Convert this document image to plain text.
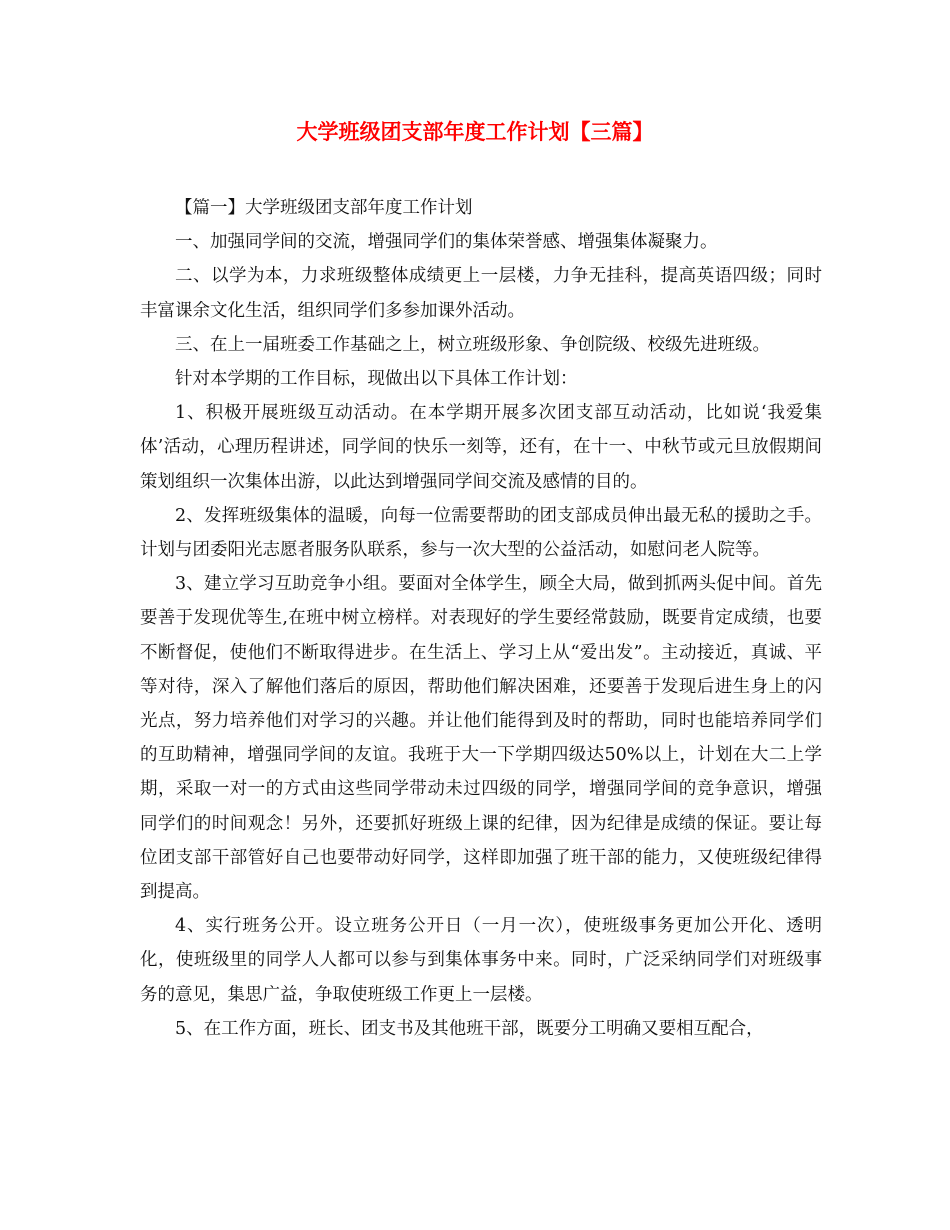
大学班级团支部年度工作计划【三篇】

【篇一】大学班级团支部年度工作计划

一、加强同学间的交流，增强同学们的集体荣誉感、增强集体凝聚力。

二、以学为本，力求班级整体成绩更上一层楼，力争无挂科，提高英语四级；同时丰富课余文化生活，组织同学们多参加课外活动。

三、在上一届班委工作基础之上，树立班级形象、争创院级、校级先进班级。

针对本学期的工作目标，现做出以下具体工作计划：

1、积极开展班级互动活动。在本学期开展多次团支部互动活动，比如说‘我爱集体’活动，心理历程讲述，同学间的快乐一刻等，还有，在十一、中秋节或元旦放假期间策划组织一次集体出游，以此达到增强同学间交流及感情的目的。

2、发挥班级集体的温暖，向每一位需要帮助的团支部成员伸出最无私的援助之手。计划与团委阳光志愿者服务队联系，参与一次大型的公益活动，如慰问老人院等。

3、建立学习互助竞争小组。要面对全体学生，顾全大局，做到抓两头促中间。首先要善于发现优等生,在班中树立榜样。对表现好的学生要经常鼓励，既要肯定成绩，也要不断督促，使他们不断取得进步。在生活上、学习上从“爱出发”。主动接近，真诚、平等对待，深入了解他们落后的原因，帮助他们解决困难，还要善于发现后进生身上的闪光点，努力培养他们对学习的兴趣。并让他们能得到及时的帮助，同时也能培养同学们的互助精神，增强同学间的友谊。我班于大一下学期四级达50%以上，计划在大二上学期，采取一对一的方式由这些同学带动未过四级的同学，增强同学间的竞争意识，增强同学们的时间观念！另外，还要抓好班级上课的纪律，因为纪律是成绩的保证。要让每位团支部干部管好自己也要带动好同学，这样即加强了班干部的能力，又使班级纪律得到提高。

4、实行班务公开。设立班务公开日（一月一次），使班级事务更加公开化、透明化，使班级里的同学人人都可以参与到集体事务中来。同时，广泛采纳同学们对班级事务的意见，集思广益，争取使班级工作更上一层楼。

5、在工作方面，班长、团支书及其他班干部，既要分工明确又要相互配合，
